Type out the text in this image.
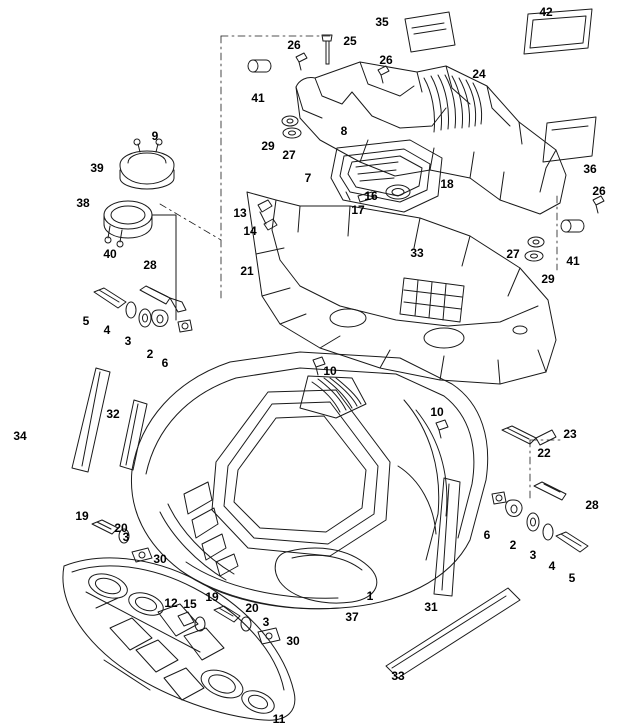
35
42
26	25
26
24
41
8
36
9
29
27
39
7	18
16	26
38
13	17
14
41
27
29
40
28	21
33
5
4
3
2
6
10
32	10
34	23
22
28
19
20
3
30
6
2
3
4
5
1
31
37
12 15 19
20
3
30
33
11
